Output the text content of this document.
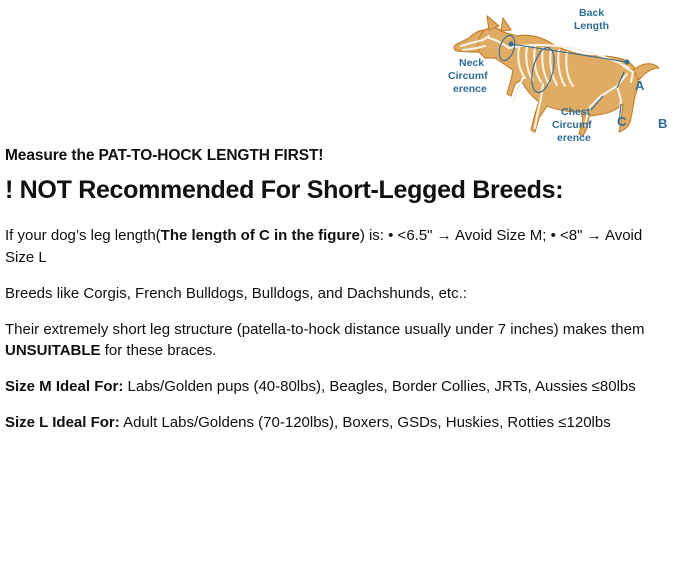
Back
Length
Neck
Circumf
erence
Chest
Circumf
erence
A
B
C

Measure the PAT-TO-HOCK LENGTH FIRST!

! NOT Recommended For Short-Legged Breeds:

If your dog’s leg length(The length of C in the figure) is: • <6.5" → Avoid Size M; • <8" → Avoid Size L

Breeds like Corgis, French Bulldogs, Bulldogs, and Dachshunds, etc.:

Their extremely short leg structure (patella-to-hock distance usually under 7 inches) makes them UNSUITABLE for these braces.

Size M Ideal For: Labs/Golden pups (40-80lbs), Beagles, Border Collies, JRTs, Aussies ≤80lbs

Size L Ideal For: Adult Labs/Goldens (70-120lbs), Boxers, GSDs, Huskies, Rotties ≤120lbs
